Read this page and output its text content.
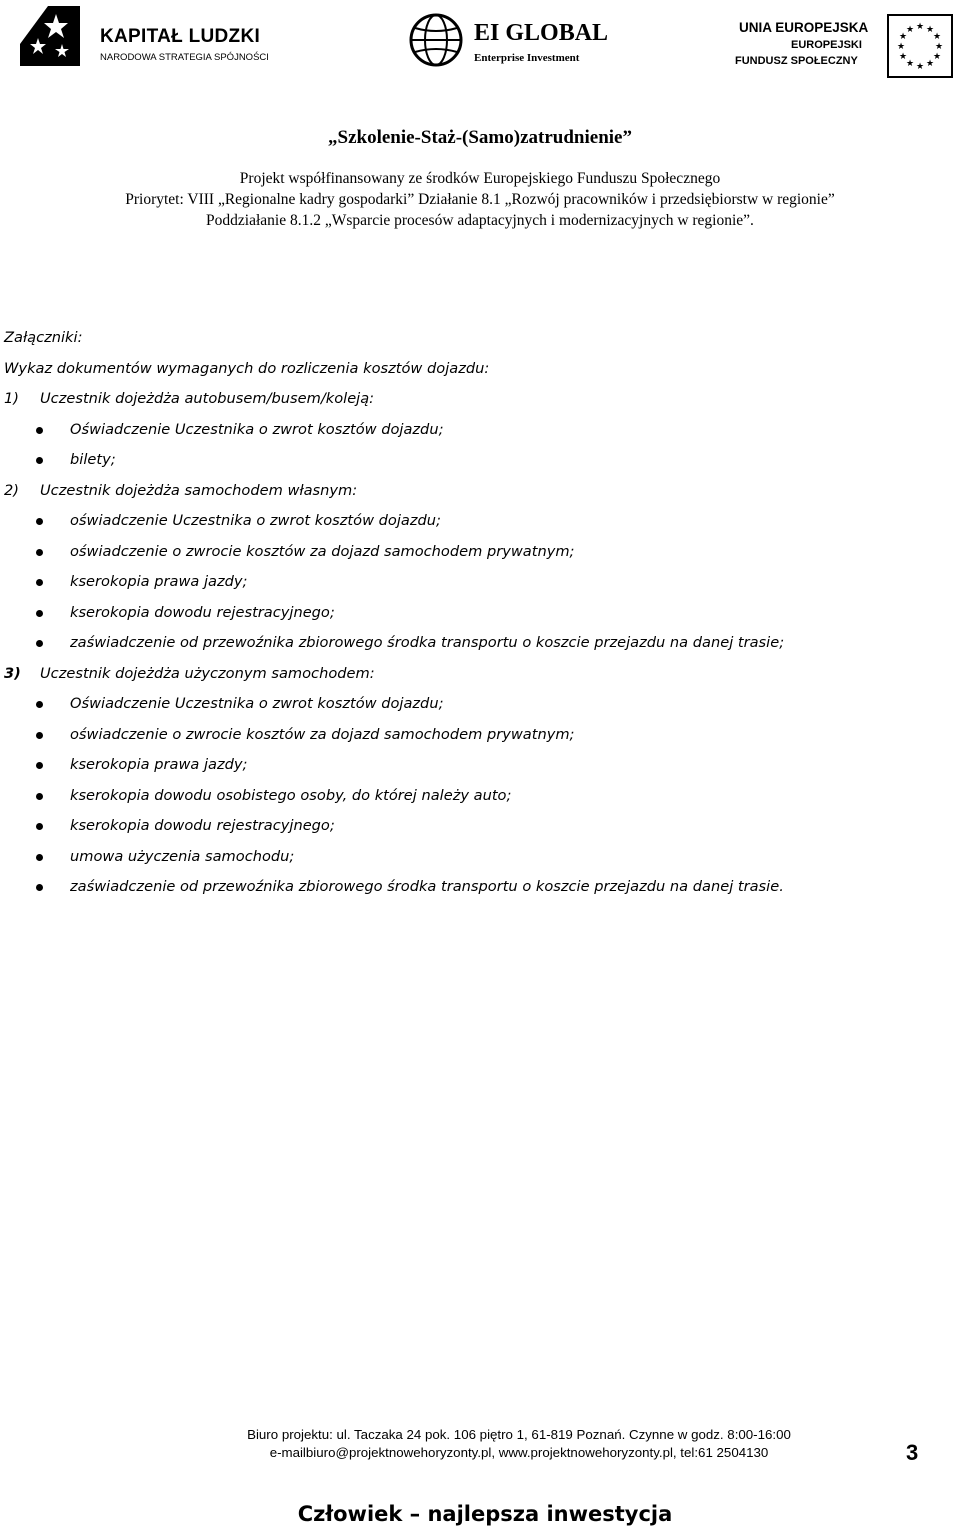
KAPITAŁ LUDZKI
NARODOWA STRATEGIA SPÓJNOŚCI
EI GLOBAL
Enterprise Investment
UNIA EUROPEJSKA
EUROPEJSKI
FUNDUSZ SPOŁECZNY
★ ★
★
★
★
★
★
★
★
★
★
★

„Szkolenie-Staż-(Samo)zatrudnienie”

Projekt współfinansowany ze środków Europejskiego Funduszu Społecznego

Priorytet: VIII „Regionalne kadry gospodarki” Działanie 8.1 „Rozwój pracowników i przedsiębiorstw w regionie”

Poddziałanie 8.1.2 „Wsparcie procesów adaptacyjnych i modernizacyjnych w regionie”.

Załączniki:
Wykaz dokumentów wymaganych do rozliczenia kosztów dojazdu:
1) Uczestnik dojeżdża autobusem/busem/koleją:
Oświadczenie Uczestnika o zwrot kosztów dojazdu;
bilety;
2) Uczestnik dojeżdża samochodem własnym:
oświadczenie Uczestnika o zwrot kosztów dojazdu;
oświadczenie o zwrocie kosztów za dojazd samochodem prywatnym;
kserokopia prawa jazdy;
kserokopia dowodu rejestracyjnego;
zaświadczenie od przewoźnika zbiorowego środka transportu o koszcie przejazdu na danej trasie;
3) Uczestnik dojeżdża użyczonym samochodem:
Oświadczenie Uczestnika o zwrot kosztów dojazdu;
oświadczenie o zwrocie kosztów za dojazd samochodem prywatnym;
kserokopia prawa jazdy;
kserokopia dowodu osobistego osoby, do której należy auto;
kserokopia dowodu rejestracyjnego;
umowa użyczenia samochodu;
zaświadczenie od przewoźnika zbiorowego środka transportu o koszcie przejazdu na danej trasie.
Biuro projektu: ul. Taczaka 24 pok. 106 piętro 1, 61-819 Poznań. Czynne w godz. 8:00-16:00
e-mailbiuro@projektnowehoryzonty.pl, www.projektnowehoryzonty.pl, tel:61 2504130	3
Człowiek – najlepsza inwestycja
